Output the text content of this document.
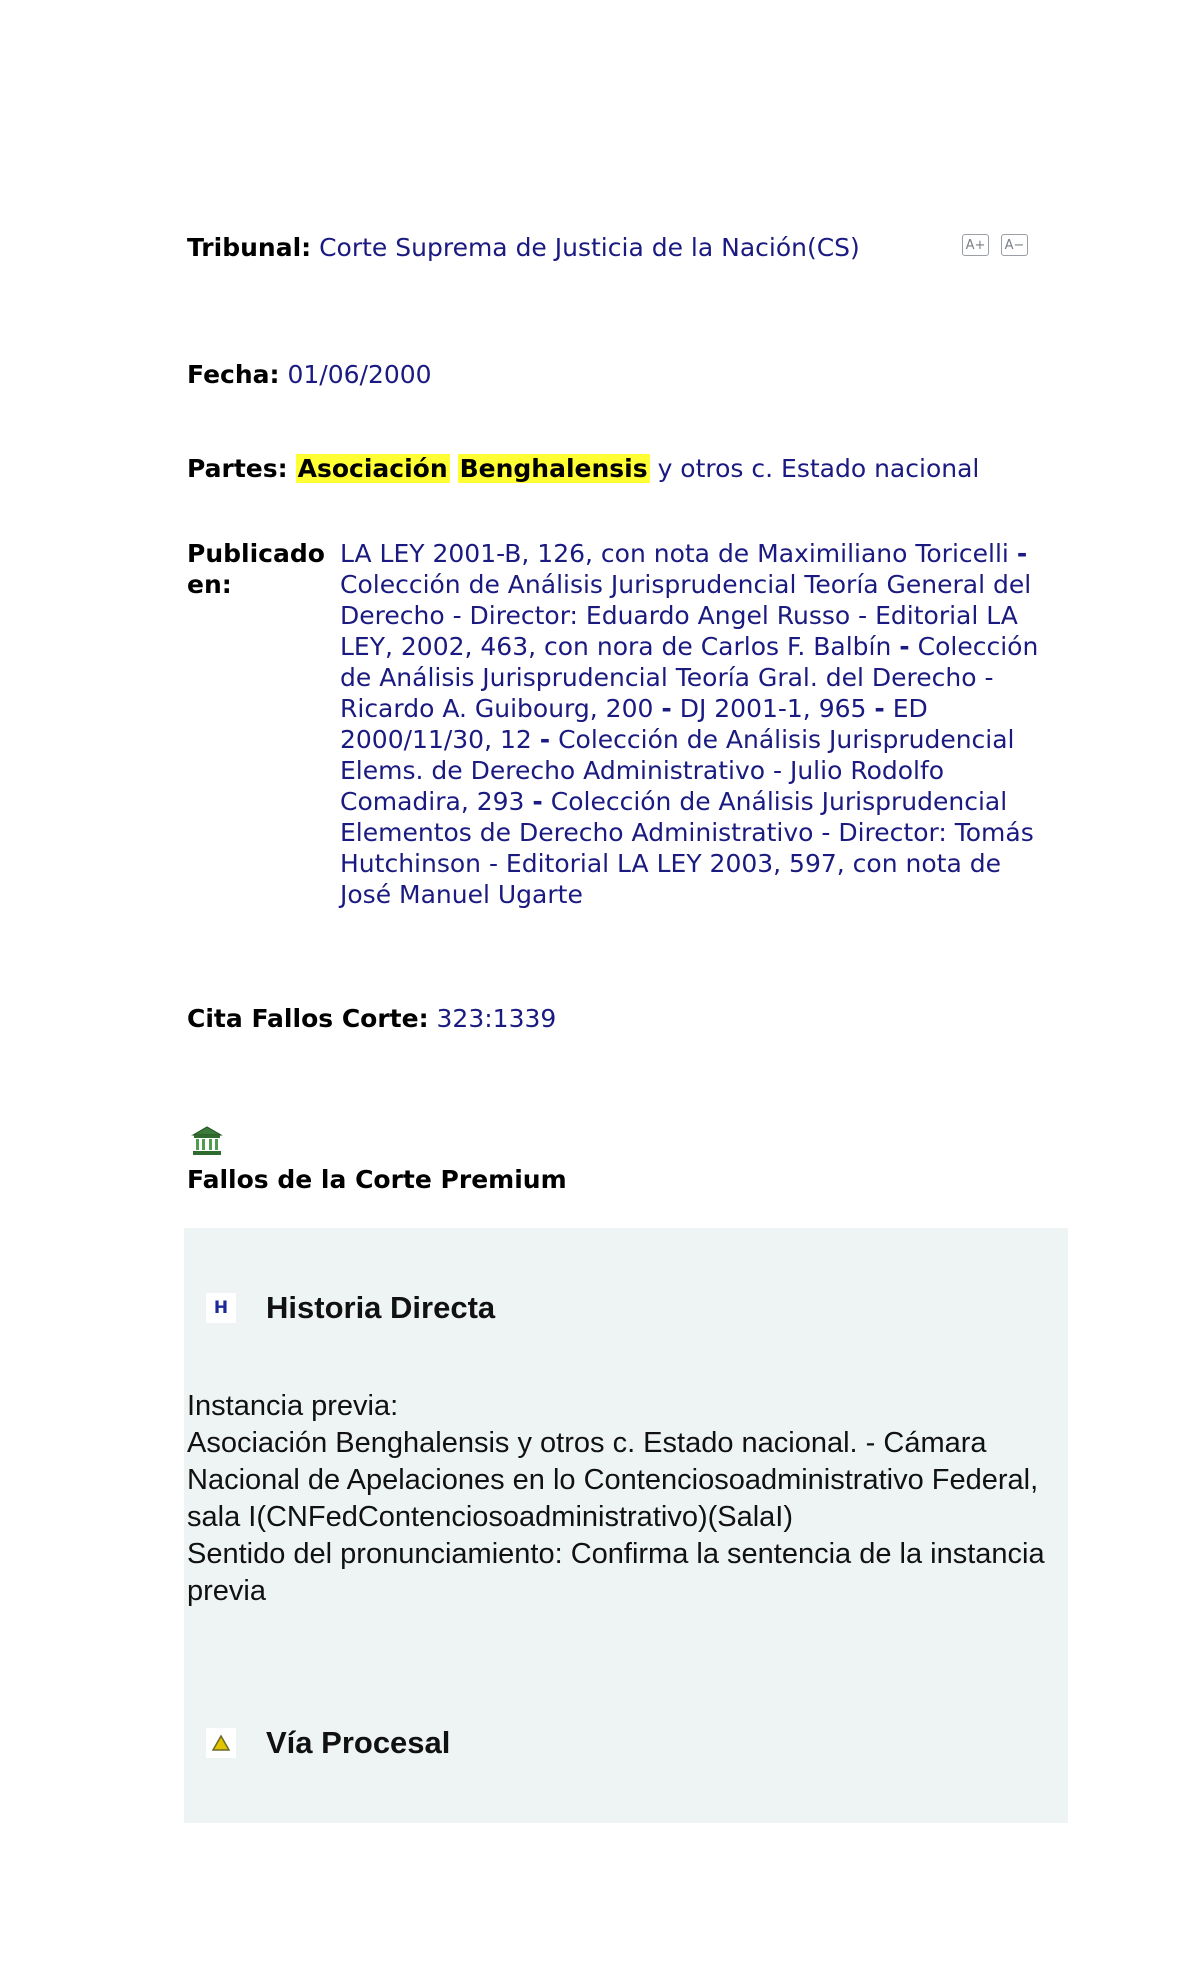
Tribunal: Corte Suprema de Justicia de la Nación(CS)	A+ A−
Fecha: 01/06/2000
Partes: Asociación Benghalensis y otros c. Estado nacional
Publicado en:
LA LEY 2001-B, 126, con nota de Maximiliano Toricelli - Colección de Análisis Jurisprudencial Teoría General del Derecho - Director: Eduardo Angel Russo - Editorial LA LEY, 2002, 463, con nora de Carlos F. Balbín - Colección de Análisis Jurisprudencial Teoría Gral. del Derecho - Ricardo A. Guibourg, 200 - DJ 2001-1, 965 - ED 2000/11/30, 12 - Colección de Análisis Jurisprudencial Elems. de Derecho Administrativo - Julio Rodolfo Comadira, 293 - Colección de Análisis Jurisprudencial Elementos de Derecho Administrativo - Director: Tomás Hutchinson - Editorial LA LEY 2003, 597, con nota de José Manuel Ugarte
Cita Fallos Corte: 323:1339
Fallos de la Corte Premium
H Historia Directa
Instancia previa:
Asociación Benghalensis y otros c. Estado nacional. - Cámara Nacional de Apelaciones en lo Contenciosoadministrativo Federal, sala I(CNFedContenciosoadministrativo)(SalaI)
Sentido del pronunciamiento: Confirma la sentencia de la instancia previa
Vía Procesal
